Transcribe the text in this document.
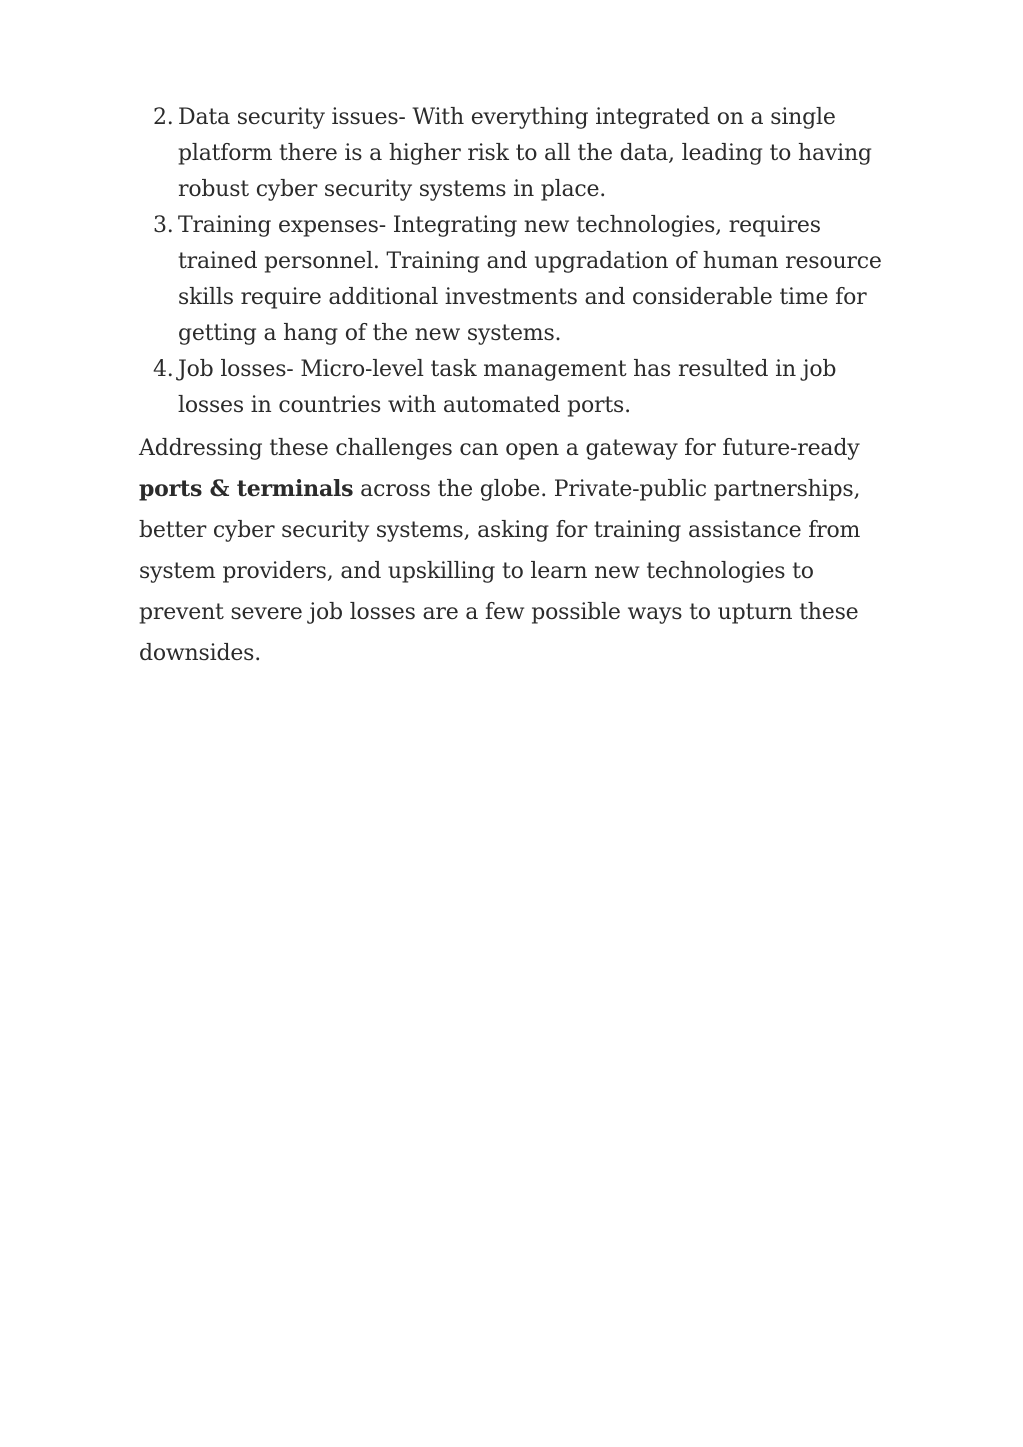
2. Data security issues- With everything integrated on a single platform there is a higher risk to all the data, leading to having robust cyber security systems in place.
3. Training expenses- Integrating new technologies, requires trained personnel. Training and upgradation of human resource skills require additional investments and considerable time for getting a hang of the new systems.
4. Job losses- Micro-level task management has resulted in job losses in countries with automated ports.

Addressing these challenges can open a gateway for future-ready ports & terminals across the globe. Private-public partnerships, better cyber security systems, asking for training assistance from system providers, and upskilling to learn new technologies to prevent severe job losses are a few possible ways to upturn these downsides.
